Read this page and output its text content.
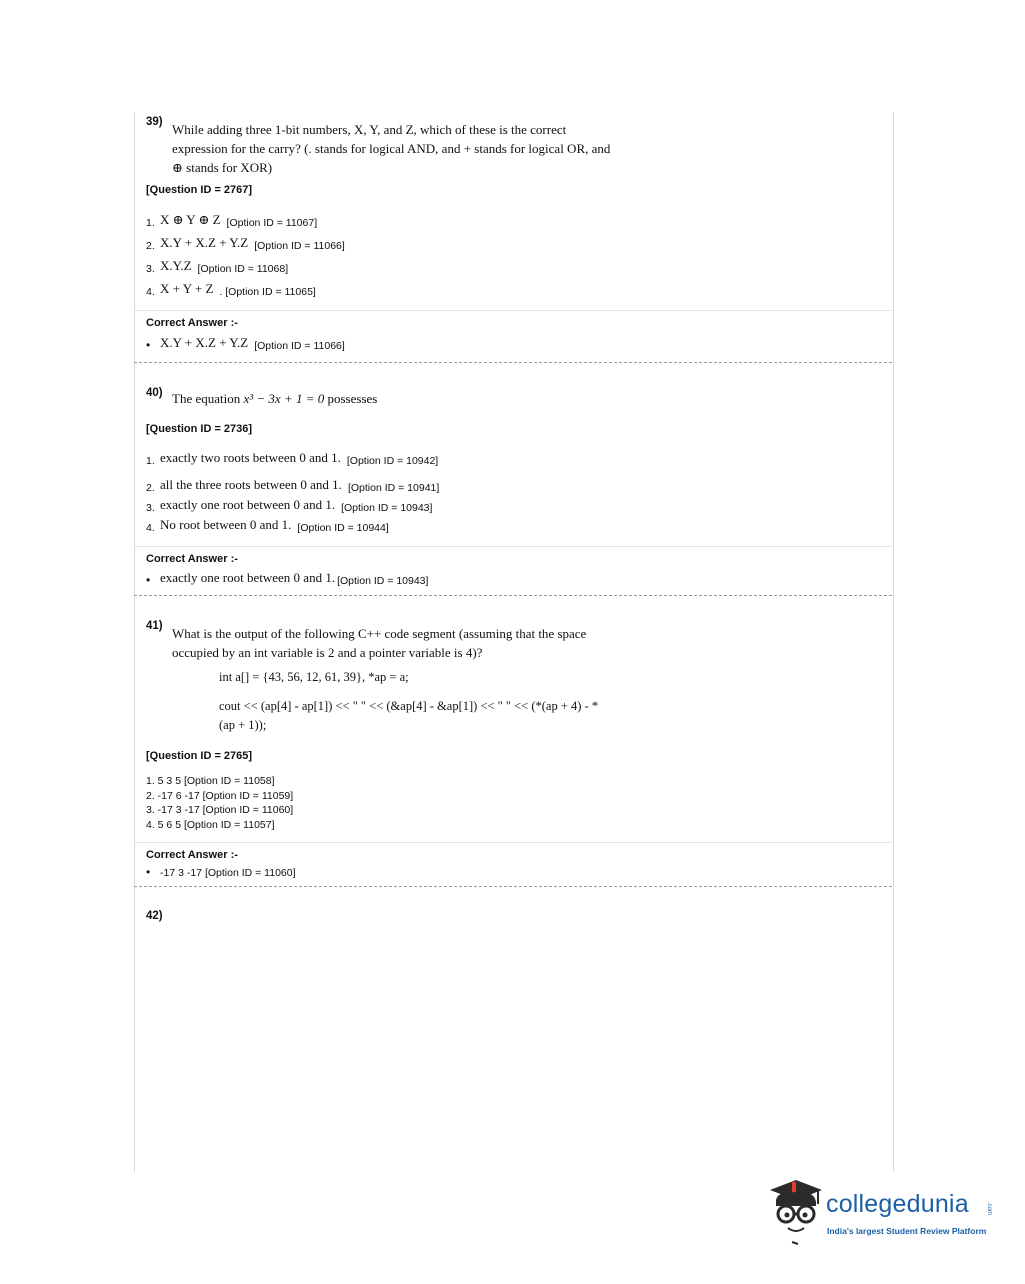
39) While adding three 1-bit numbers, X, Y, and Z, which of these is the correct expression for the carry? (. stands for logical AND, and + stands for logical OR, and ⊕ stands for XOR)
[Question ID = 2767]
1. X ⊕ Y ⊕ Z [Option ID = 11067]
2. X.Y + X.Z + Y.Z [Option ID = 11066]
3. X.Y.Z [Option ID = 11068]
4. X + Y + Z . [Option ID = 11065]
Correct Answer :-
• X.Y + X.Z + Y.Z [Option ID = 11066]
40) The equation x³ − 3x + 1 = 0 possesses
[Question ID = 2736]
1. exactly two roots between 0 and 1. [Option ID = 10942]
2. all the three roots between 0 and 1. [Option ID = 10941]
3. exactly one root between 0 and 1. [Option ID = 10943]
4. No root between 0 and 1. [Option ID = 10944]
Correct Answer :-
• exactly one root between 0 and 1. [Option ID = 10943]
41) What is the output of the following C++ code segment (assuming that the space occupied by an int variable is 2 and a pointer variable is 4)?
int a[] = {43, 56, 12, 61, 39}, *ap = a;
cout << (ap[4] - ap[1]) << " " << (&ap[4] - &ap[1]) << " " << (*(ap + 4) - *(ap + 1));
[Question ID = 2765]
1. 5 3 5 [Option ID = 11058]
2. -17 6 -17 [Option ID = 11059]
3. -17 3 -17 [Option ID = 11060]
4. 5 6 5 [Option ID = 11057]
Correct Answer :-
• -17 3 -17 [Option ID = 11060]
42)
collegedunia	.com
India's largest Student Review Platform
